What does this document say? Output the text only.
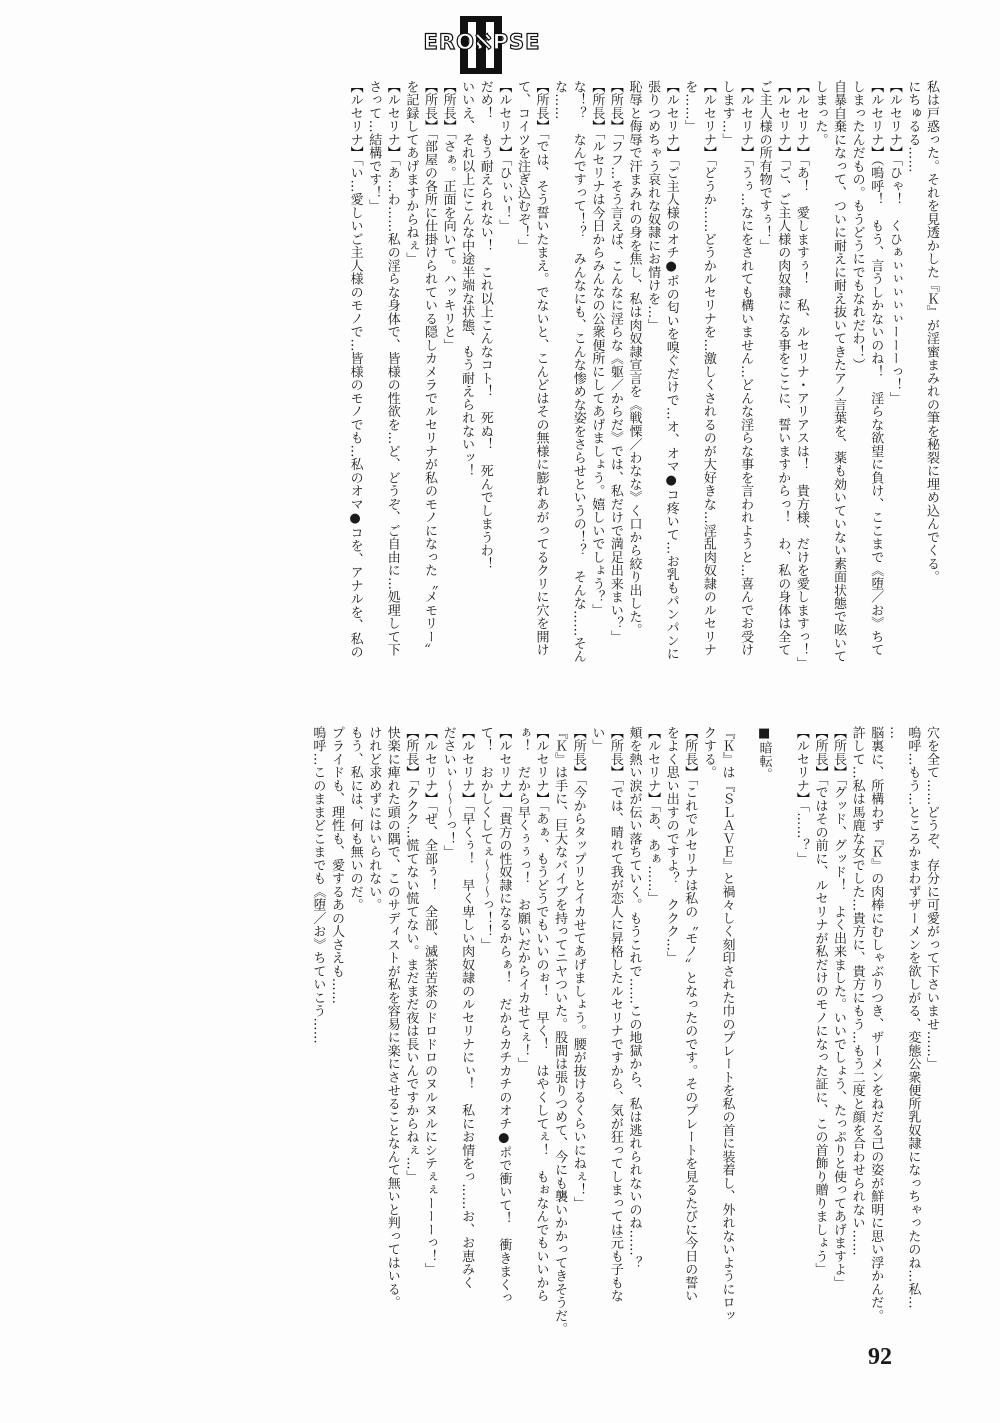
EROℵPSE
私は戸惑った。それを見透かした『Ｋ』が淫蜜まみれの筆を秘裂に埋め込んでくる。
にちゅるる……
【ルセリナ】「ひゃ！　くひぁぃぃぃぃぃーーーっ！」
【ルセリナ】（嗚呼！　もう、言うしかないのね！　淫らな欲望に負け、ここまで《堕／お》ちて
しまったんだもの。もうどうにでもなれだわ！）
自暴自棄になって、ついに耐えに耐え抜いてきたアノ言葉を、薬も効いていない素面状態で呟いて
しまった。
【ルセリナ】「あ！　愛しますぅ！　私、ルセリナ・アリアスは！　貴方様、だけを愛しますっ！」
【ルセリナ】「ご、ご主人様の肉奴隷になる事をここに、誓いますからっ！　わ、私の身体は全て
ご主人様の所有物ですぅ！」
【ルセリナ】「うぅ…なにをされても構いません…どんな淫らな事を言われようと…喜んでお受け
します…」
【ルセリナ】「どうか……どうかルセリナを…激しくされるのが大好きな…淫乱肉奴隷のルセリナ
を……」
【ルセリナ】「ご主人様のオチ●ポの匂いを嗅ぐだけで…オ、オマ●コ疼いて…お乳もパンパンに
張りつめちゃう哀れな奴隷にお情けを…」
恥辱と侮辱で汗まみれの身を焦し、私は肉奴隷宣言を《戦慄／わなな》く口から絞り出した。
【所長】「フフ…そう言えば、こんなに淫らな《躯／からだ》では、私だけで満足出来まい？」
【所長】「ルセリナは今日からみんなの公衆便所にしてあげましょう。嬉しいでしょう？」
な！？　なんですって！？　みんなにも、こんな惨めな姿をさらせというの！？　そんな……そん
な……
【所長】「では、そう誓いたまえ。でないと、こんどはその無様に膨れあがってるクリに穴を開け
て、コイツを注ぎ込むぞ！」
【ルセリナ】「ひぃぃ！」
だめ！　もう耐えられない！　これ以上こんなコト！　死ぬ！　死んでしまうわ！
いいえ、それ以上にこんな中途半端な状態、もう耐えられないッ！
【所長】「さぁ。正面を向いて。ハッキリと」
【所長】「部屋の各所に仕掛けられている隠しカメラでルセリナが私のモノになった〝メモリー〟
を記録してあげますからねぇ」
【ルセリナ】「あ…わ……私の淫らな身体で、皆様の性欲を…ど、どうぞ、ご自由に…処理して下
さって…結構です！」
【ルセリナ】「い…愛しいご主人様のモノで…皆様のモノでも…私のオマ●コを、アナルを、私の
穴を全て……どうぞ、存分に可愛がって下さいませ……」
嗚呼…もう…ところかまわずザーメンを欲しがる、変態公衆便所乳奴隷になっちゃったのね…私…
…
脳裏に、所構わず『Ｋ』の肉棒にむしゃぶりつき、ザーメンをねだる己の姿が鮮明に思い浮かんだ。
許して…私は馬鹿な女でした…貴方に、貴方にもう…もう二度と顔を合わせられない……
【所長】「グッド、グッド！　よく出来ました。いいでしょう、たっぷりと使ってあげますよ」
【所長】「ではその前に、ルセリナが私だけのモノになった証に、この首飾り贈りましょう」
【ルセリナ】「……？」

■暗転。

『Ｋ』は『ＳＬＡＶＥ』と禍々しく刻印された巾のプレートを私の首に装着し、外れないようにロッ
クする。
【所長】「これでルセリナは私の〝モノ〟となったのです。そのプレートを見るたびに今日の誓い
をよく思い出すのですよ？　ククク…」
【ルセリナ】「あ、あぁ……」
頬を熱い涙が伝い落ちていく。もうこれで……この地獄から、私は逃れられないのね……？
【所長】「では、晴れて我が恋人に昇格したルセリナですから、気が狂ってしまっては元も子もな
い」
【所長】「今からタップリとイカせてあげましょう。腰が抜けるくらいにねぇ！」
『Ｋ』は手に、巨大なバイブを持ってニヤついた。股間は張りつめて、今にも襲いかかってきそうだ。
【ルセリナ】「あぁ、もうどうでもいいのぉ！　早く！　はやくしてぇ！　もぉなんでもいいから
ぁ！　だから早くぅぅっ！　お願いだからイカせてぇ！」
【ルセリナ】「貴方の性奴隷になるからぁ！　だからカチカチのオチ●ポで衝いて！　衝きまくっ
て！　おかしくしてぇ〜〜〜っ！！」
【ルセリナ】「早くぅ！　早く卑しい肉奴隷のルセリナにぃ！　私にお情をっ……お、お恵みく
ださいぃ〜〜〜っ！」
【ルセリナ】「ぜ、全部ぅ！　全部、滅茶苦茶のドロドロのヌルヌルにシテぇぇーーーっ！」
【所長】「ククク…慌てない慌てない。まだまだ夜は長いんですからねぇ…」
快楽に痺れた頭の隅で、このサディストが私を容易に楽にさせることなんて無いと判ってはいる。
けれど求めずにはいられない。
もう、私には、何も無いのだ。
プライドも、理性も、愛するあの人さえも……
嗚呼…このままどこまでも《堕／お》ちていこう……
92
